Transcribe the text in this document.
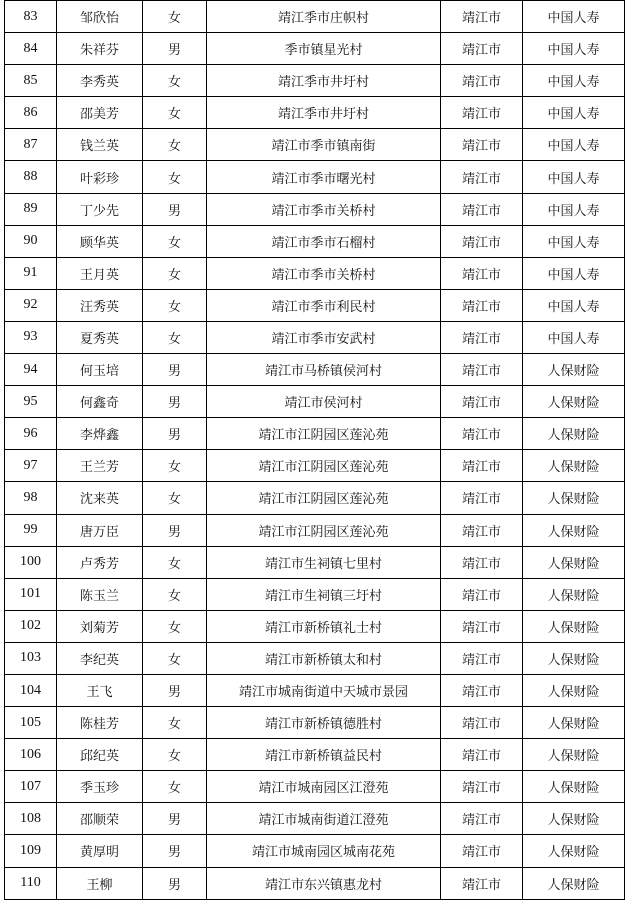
83	邹欣怡	女	靖江季市庄帜村	靖江市	中国人寿
84	朱祥芬	男	季市镇星光村	靖江市	中国人寿
85	李秀英	女	靖江季市井圩村	靖江市	中国人寿
86	邵美芳	女	靖江季市井圩村	靖江市	中国人寿
87	钱兰英	女	靖江市季市镇南街	靖江市	中国人寿
88	叶彩珍	女	靖江市季市曙光村	靖江市	中国人寿
89	丁少先	男	靖江市季市关桥村	靖江市	中国人寿
90	顾华英	女	靖江市季市石榴村	靖江市	中国人寿
91	王月英	女	靖江市季市关桥村	靖江市	中国人寿
92	汪秀英	女	靖江市季市利民村	靖江市	中国人寿
93	夏秀英	女	靖江市季市安武村	靖江市	中国人寿
94	何玉培	男	靖江市马桥镇侯河村	靖江市	人保财险
95	何鑫奇	男	靖江市侯河村	靖江市	人保财险
96	李烨鑫	男	靖江市江阴园区莲沁苑	靖江市	人保财险
97	王兰芳	女	靖江市江阴园区莲沁苑	靖江市	人保财险
98	沈来英	女	靖江市江阴园区莲沁苑	靖江市	人保财险
99	唐万臣	男	靖江市江阴园区莲沁苑	靖江市	人保财险
100	卢秀芳	女	靖江市生祠镇七里村	靖江市	人保财险
101	陈玉兰	女	靖江市生祠镇三圩村	靖江市	人保财险
102	刘菊芳	女	靖江市新桥镇礼士村	靖江市	人保财险
103	李纪英	女	靖江市新桥镇太和村	靖江市	人保财险
104	王飞	男	靖江市城南街道中天城市景园	靖江市	人保财险
105	陈桂芳	女	靖江市新桥镇德胜村	靖江市	人保财险
106	邱纪英	女	靖江市新桥镇益民村	靖江市	人保财险
107	季玉珍	女	靖江市城南园区江澄苑	靖江市	人保财险
108	邵顺荣	男	靖江市城南街道江澄苑	靖江市	人保财险
109	黄厚明	男	靖江市城南园区城南花苑	靖江市	人保财险
110	王柳	男	靖江市东兴镇惠龙村	靖江市	人保财险
